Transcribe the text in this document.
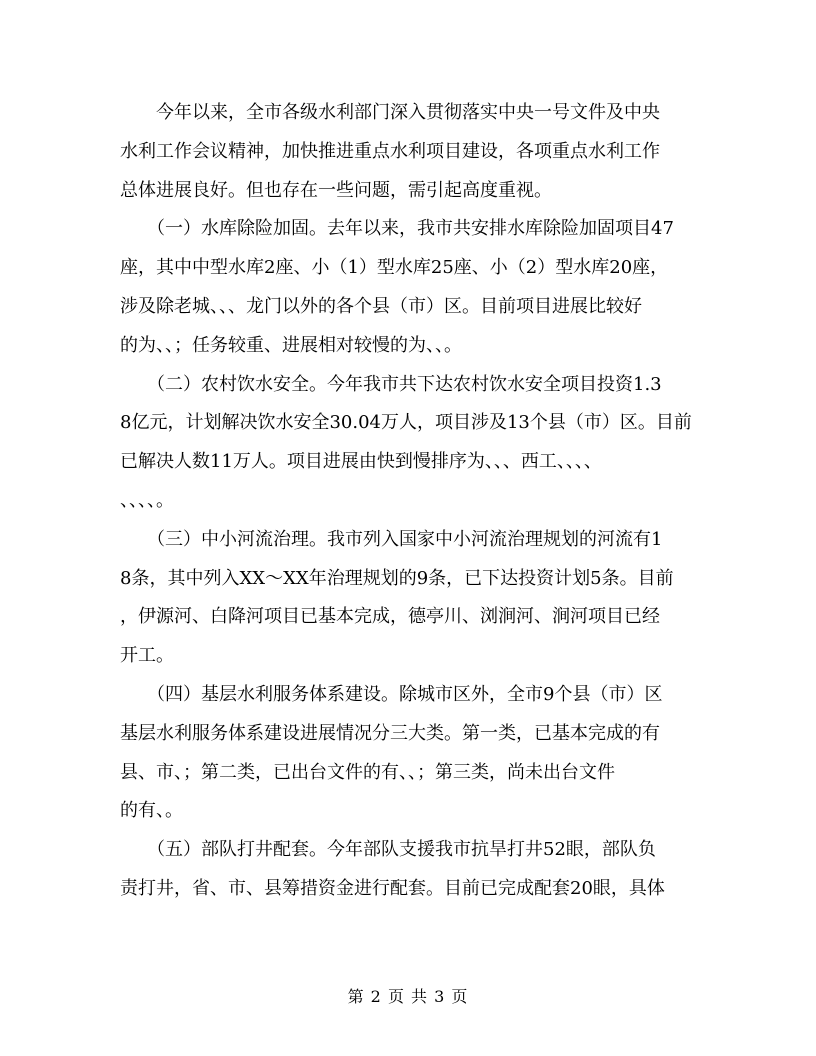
　　今年以来，全市各级水利部门深入贯彻落实中央一号文件及中央
水利工作会议精神，加快推进重点水利项目建设，各项重点水利工作
总体进展良好。但也存在一些问题，需引起高度重视。
　　（一）水库除险加固。去年以来，我市共安排水库除险加固项目47
座，其中中型水库2座、小（1）型水库25座、小（2）型水库20座，
涉及除老城、、、龙门以外的各个县（市）区。目前项目进展比较好
的为、、；任务较重、进展相对较慢的为、、。
　　（二）农村饮水安全。今年我市共下达农村饮水安全项目投资1.3
8亿元，计划解决饮水安全30.04万人，项目涉及13个县（市）区。目前
已解决人数11万人。项目进展由快到慢排序为、、、西工、、、、
、、、、。
　　（三）中小河流治理。我市列入国家中小河流治理规划的河流有1
8条，其中列入XX～XX年治理规划的9条，已下达投资计划5条。目前
，伊源河、白降河项目已基本完成，德亭川、浏涧河、涧河项目已经
开工。
　　（四）基层水利服务体系建设。除城市区外，全市9个县（市）区
基层水利服务体系建设进展情况分三大类。第一类，已基本完成的有
县、市、；第二类，已出台文件的有、、；第三类，尚未出台文件
的有、。
　　（五）部队打井配套。今年部队支援我市抗旱打井52眼，部队负
责打井，省、市、县筹措资金进行配套。目前已完成配套20眼，具体
第 2 页 共 3 页
